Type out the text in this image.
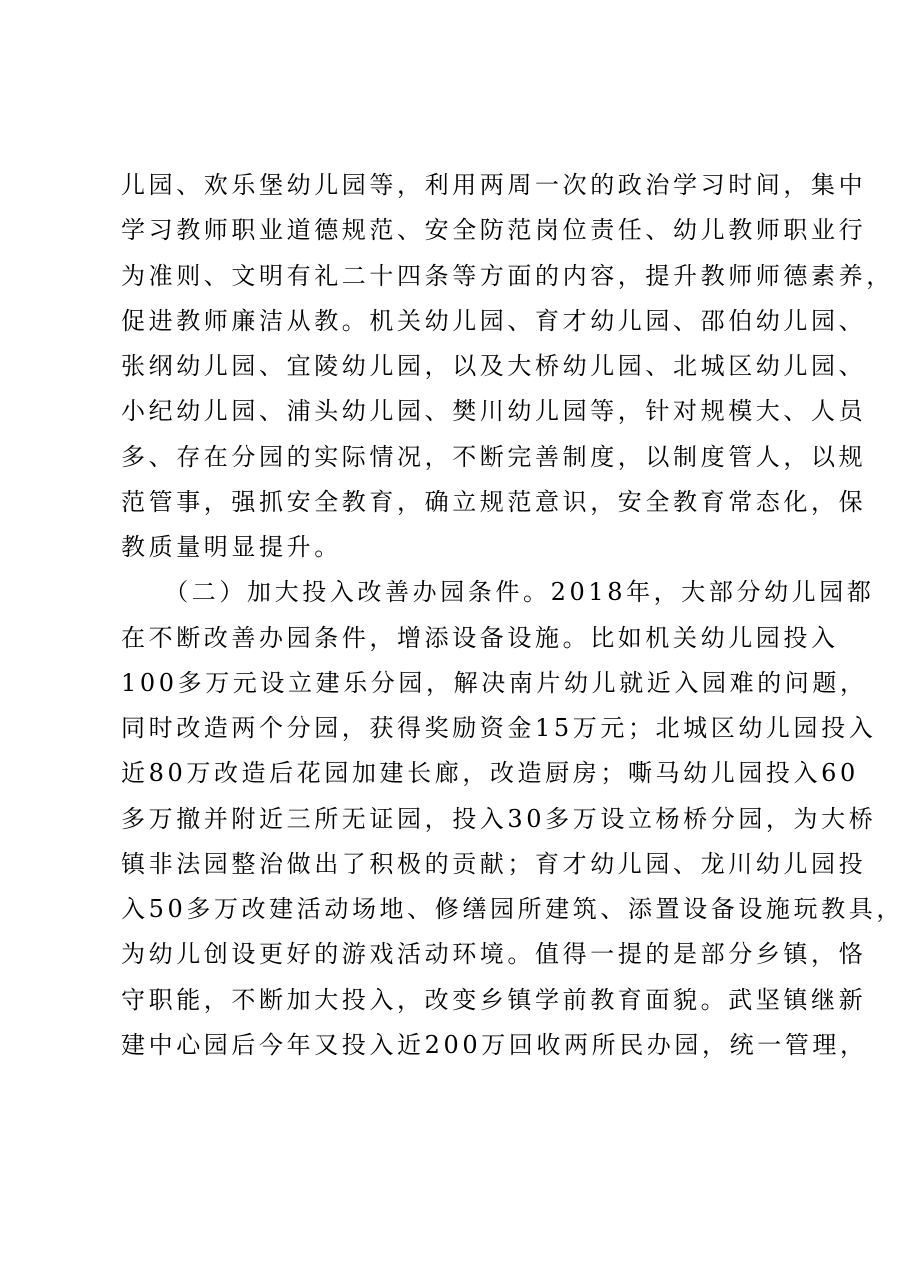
儿园、欢乐堡幼儿园等，利用两周一次的政治学习时间，集中
学习教师职业道德规范、安全防范岗位责任、幼儿教师职业行
为准则、文明有礼二十四条等方面的内容，提升教师师德素养，
促进教师廉洁从教。机关幼儿园、育才幼儿园、邵伯幼儿园、
张纲幼儿园、宜陵幼儿园，以及大桥幼儿园、北城区幼儿园、
小纪幼儿园、浦头幼儿园、樊川幼儿园等，针对规模大、人员
多、存在分园的实际情况，不断完善制度，以制度管人，以规
范管事，强抓安全教育，确立规范意识，安全教育常态化，保
教质量明显提升。
　　（二）加大投入改善办园条件。2018年，大部分幼儿园都
在不断改善办园条件，增添设备设施。比如机关幼儿园投入
100多万元设立建乐分园，解决南片幼儿就近入园难的问题，
同时改造两个分园，获得奖励资金15万元；北城区幼儿园投入
近80万改造后花园加建长廊，改造厨房；嘶马幼儿园投入60
多万撤并附近三所无证园，投入30多万设立杨桥分园，为大桥
镇非法园整治做出了积极的贡献；育才幼儿园、龙川幼儿园投
入50多万改建活动场地、修缮园所建筑、添置设备设施玩教具，
为幼儿创设更好的游戏活动环境。值得一提的是部分乡镇，恪
守职能，不断加大投入，改变乡镇学前教育面貌。武坚镇继新
建中心园后今年又投入近200万回收两所民办园，统一管理，
